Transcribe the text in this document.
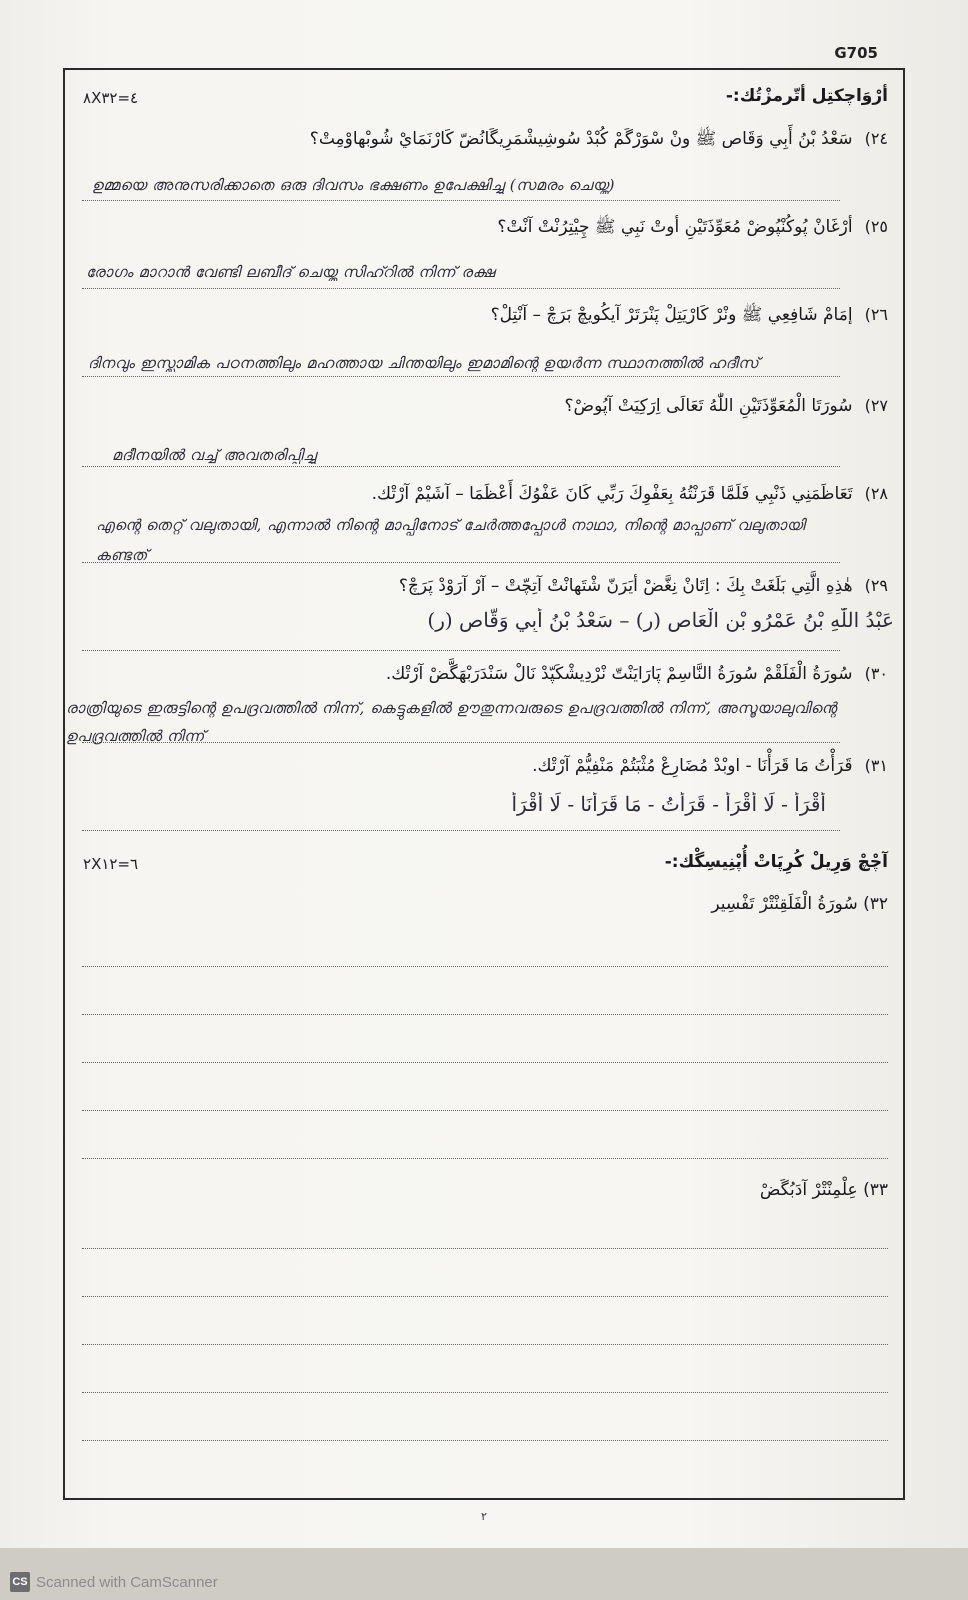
G705
أرْوَاچكتِل أتّرمزْتُك:-
٨X٤=٣٢
٢٤)سَعْدُ بْنُ أَبِي وَقَاص ﷺ ونْ سْوَرْگَمْ كُبْدْ سُوشِيشْمَرِيگَانُضّ كَارْنَمَايْ شُوبْهاوْمِتْ؟
ഉമ്മയെ അനുസരിക്കാതെ ഒരു ദിവസം ഭക്ഷണം ഉപേക്ഷിച്ചു (സമരം ചെയ്തു)
٢٥)أرْغَانْ پُوكُنْپُوضْ مُعَوِّذَتَيْنِ أوتْ نَبِي ﷺ چِيْتِرُنْتْ آنْتْ؟
രോഗം മാറാൻ വേണ്ടി ലബീദ് ചെയ്ത സിഹ്റിൽ നിന്ന് രക്ഷ
٢٦)إمَامْ شَافِعِي ﷺ ونْرْ كَارْيَتِلْ پَنْرَتَرْ آيكُويچْ بَرَچْ – آنْتِلْ؟
ദിനവും ഇസ്ലാമിക പഠനത്തിലും മഹത്തായ ചിന്തയിലും ഇമാമിന്റെ ഉയർന്ന സ്ഥാനത്തിൽ ഹദീസ്
٢٧)سُورَتَا الْمُعَوِّذَتَيْنِ اللّٰهُ تَعَالَى اِرَكِيَتْ آپُوضْ؟
മദീനയിൽ വച്ച് അവതരിപ്പിച്ചു
٢٨)تَعَاظَمَنِي ذَنْبِي فَلَمَّا قَرَنْتُهُ بِعَفْوِكَ رَبِّي كَانَ عَفْوُكَ أَعْظَمَا – آشَيْمْ آرْتْك.
എന്റെ തെറ്റ് വലുതായി, എന്നാൽ നിന്റെ മാപ്പിനോട് ചേർത്തപ്പോൾ നാഥാ, നിന്റെ മാപ്പാണ് വലുതായി കണ്ടത്
٢٩)هٰذِهِ الَّتِي بَلَغَتْ بِكَ : اِتَانْ نِغَّضْ أيَرَنّ شْتَهانْتْ آتِچّتْ – آرْ آرَوْدْ پَرَچْ؟
عَبْدُ اللّٰهِ بْنُ عَمْرُو بْنِ الْعَاصِ (ر) – سَعْدُ بْنُ أَبِي وَقَّاص (ر)
٣٠)سُورَةُ الْفَلَقْمْ سُورَةُ النَّاسِمْ پَارَايَنْتّ نْرْدِيشْكَپّدْ نَالْ سَنْدَرَبْهَگَّضْ آرْتْك.
രാത്രിയുടെ ഇരുട്ടിന്റെ ഉപദ്രവത്തിൽ നിന്ന്, കെട്ടുകളിൽ ഊതുന്നവരുടെ ഉപദ്രവത്തിൽ നിന്ന്, അസൂയാലുവിന്റെ ഉപദ്രവത്തിൽ നിന്ന്
٣١)قَرَأْتُ مَا قَرَأْنَا - اوبْدْ مُضَارِعْ مُثْبَتُمْ مَنْفِيُّمْ آرْتْك.
أَقْرَأُ - لَا أَقْرَأُ - قَرَأْتُ - مَا قَرَأْنَا - لَا أَقْرَأُ
آچْچْ وَرِيلْ كُرِپَاتْ أُپْنِيسِگْك:-
٢X٦=١٢
٣٢) سُورَةُ الْفَلَقِنْتْرْ تَفْسِير
٣٣) عِلْمِنْتْرْ آدَبُگَضْ
٢
CS Scanned with CamScanner
